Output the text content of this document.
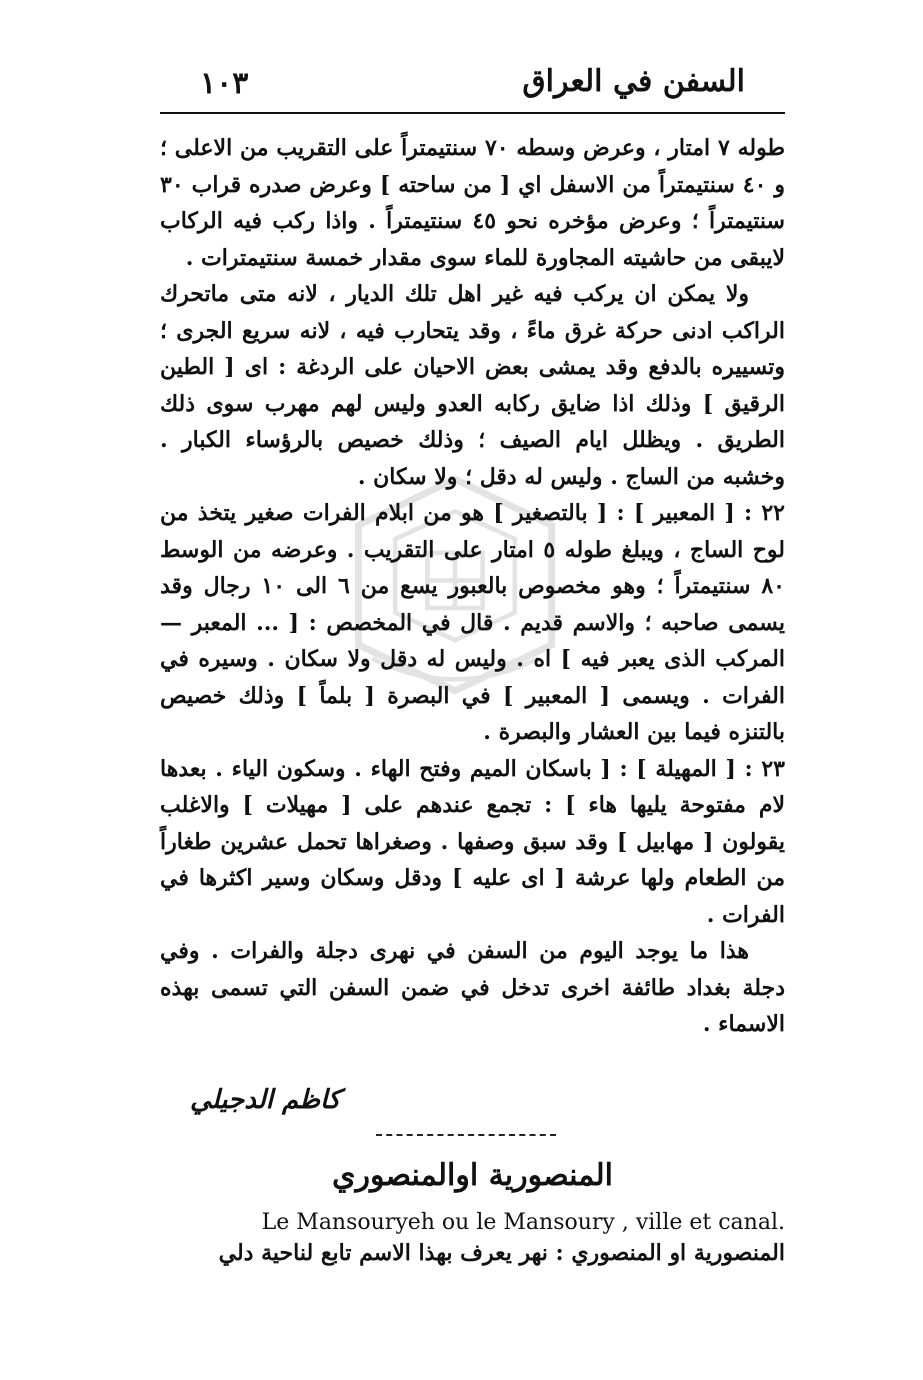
١٠٣	السفن في العراق

طوله ٧ امتار ، وعرض وسطه ٧٠ سنتيمتراً على التقريب من الاعلى ؛ و ٤٠ سنتيمتراً من الاسفل اي [ من ساحته ] وعرض صدره قراب ٣٠ سنتيمتراً ؛ وعرض مؤخره نحو ٤٥ سنتيمتراً . واذا ركب فيه الركاب لايبقى من حاشيته المجاورة للماء سوى مقدار خمسة سنتيمترات .

ولا يمكن ان يركب فيه غير اهل تلك الديار ، لانه متى ماتحرك الراكب ادنى حركة غرق ماءً ، وقد يتحارب فيه ، لانه سريع الجرى ؛ وتسييره بالدفع وقد يمشى بعض الاحيان على الردغة : اى [ الطين الرقيق ] وذلك اذا ضايق ركابه العدو وليس لهم مهرب سوى ذلك الطريق . ويظلل ايام الصيف ؛ وذلك خصيص بالرؤساء الكبار . وخشبه من الساج . وليس له دقل ؛ ولا سكان .

٢٢ : [ المعبير ] : [ بالتصغير ] هو من ابلام الفرات صغير يتخذ من لوح الساج ، ويبلغ طوله ٥ امتار على التقريب . وعرضه من الوسط ٨٠ سنتيمتراً ؛ وهو مخصوص بالعبور يسع من ٦ الى ١٠ رجال وقد يسمى صاحبه ؛ والاسم قديم . قال في المخصص : [ ... المعبر — المركب الذى يعبر فيه ] اه . وليس له دقل ولا سكان . وسيره في الفرات . ويسمى [ المعبير ] في البصرة [ بلماً ] وذلك خصيص بالتنزه فيما بين العشار والبصرة .

٢٣ : [ المهيلة ] : [ باسكان الميم وفتح الهاء . وسكون الياء . بعدها لام مفتوحة يليها هاء ] : تجمع عندهم على [ مهيلات ] والاغلب يقولون [ مهابيل ] وقد سبق وصفها . وصغراها تحمل عشرين طغاراً من الطعام ولها عرشة [ اى عليه ] ودقل وسكان وسير اكثرها في الفرات .

هذا ما يوجد اليوم من السفن في نهرى دجلة والفرات . وفي دجلة بغداد طائفة اخرى تدخل في ضمن السفن التي تسمى بهذه الاسماء .

كاظم الدجيلي
المنصورية اوالمنصوري
Le Mansouryeh ou le Mansoury , ville et canal.
المنصورية او المنصوري : نهر يعرف بهذا الاسم تابع لناحية دلي
